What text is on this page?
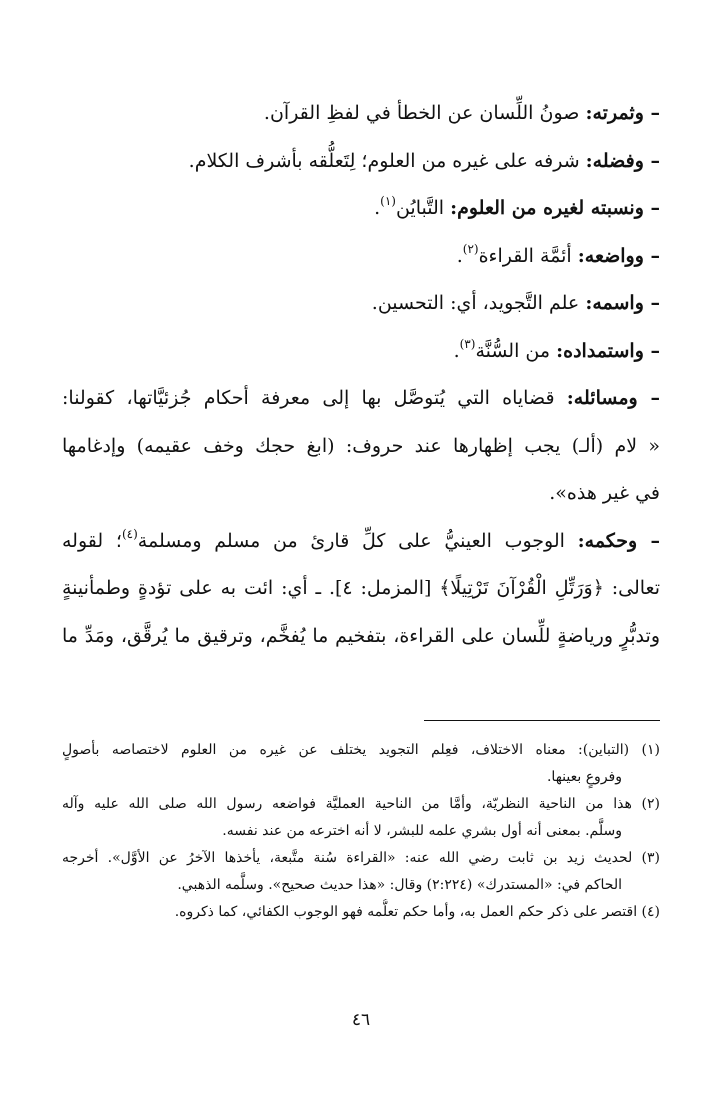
– وثمرته: صونُ اللِّسان عن الخطأ في لفظِ القرآن.
– وفضله: شرفه على غيره من العلوم؛ لِتَعلُّقه بأشرف الكلام.
– ونسبته لغيره من العلوم: التَّبايُن$^{(١)}$.
– وواضعه: أئمَّة القراءة$^{(٢)}$.
– واسمه: علم التَّجويد، أي: التحسين.
– واستمداده: من السُّنَّة$^{(٣)}$.
– ومسائله: قضاياه التي يُتوصَّل بها إلى معرفة أحكام جُزئيَّاتها، كقولنا:
« لام (ألـ) يجب إظهارها عند حروف: (ابغ حجك وخف عقيمه) وإدغامها
في غير هذه».
– وحكمه: الوجوب العينيُّ على كلِّ قارئ من مسلم ومسلمة$^{(٤)}$؛ لقوله
تعالى: ﴿وَرَتِّلِ الْقُرْآنَ تَرْتِيلًا﴾ [المزمل: ٤]. ـ أي: ائت به على تؤدةٍ وطمأنينةٍ
وتدبُّرٍ ورياضةٍ للِّسان على القراءة، بتفخيم ما يُفخَّم، وترقيق ما يُرقَّق، ومَدِّ ما
(١) (التباين): معناه الاختلاف، فعِلم التجويد يختلف عن غيره من العلوم لاختصاصه بأصولٍ
وفروعٍ بعينها.
(٢) هذا من الناحية النظريّة، وأمَّا من الناحية العمليَّة فواضعه رسول الله صلى الله عليه وآله
وسلَّم. بمعنى أنه أول بشري علمه للبشر، لا أنه اخترعه من عند نفسه.
(٣) لحديث زيد بن ثابت رضي الله عنه: «القراءة سُنة متَّبعة، يأخذها الآخرُ عن الأوَّل». أخرجه
الحاكم في: «المستدرك» (٢:٢٢٤) وقال: «هذا حديث صحيح». وسلَّمه الذهبي.
(٤) اقتصر على ذكر حكم العمل به، وأما حكم تعلُّمه فهو الوجوب الكفائي، كما ذكروه.
٤٦
